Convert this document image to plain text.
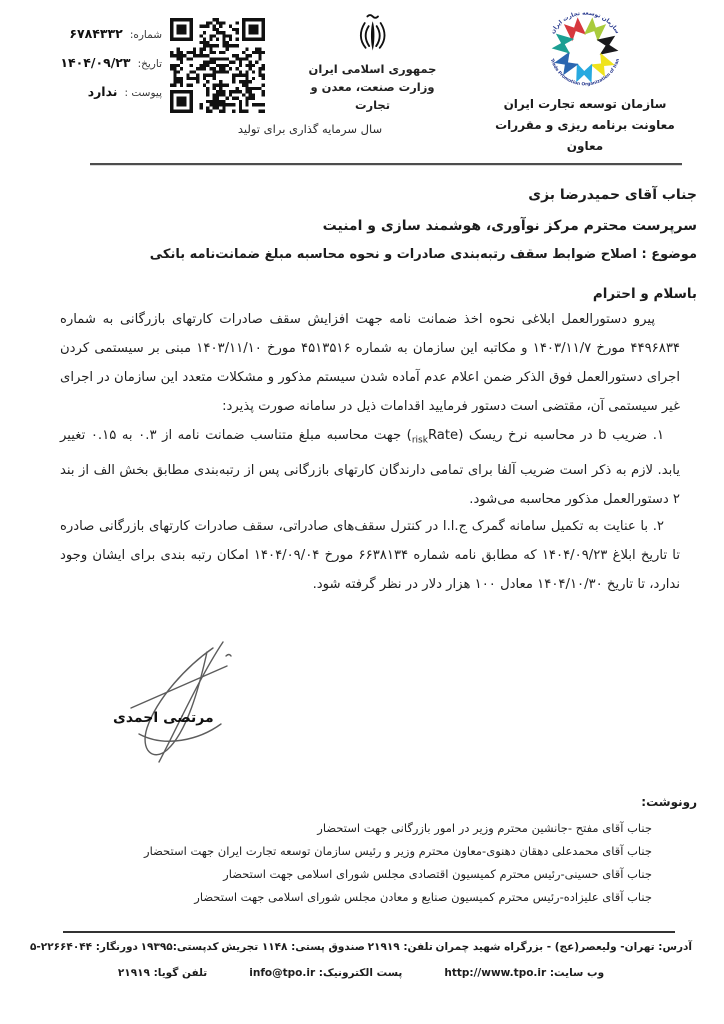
شماره:
۶۷۸۴۳۳۲
تاریخ:
۱۴۰۴/۰۹/۲۳
پیوست :
ندارد
جمهوری اسلامی ایران
وزارت صنعت، معدن و تجارت
سال سرمایه گذاری برای تولید
سازمان توسعه تجارت ایران
Trade Promotion Organization of Iran
سازمان توسعه تجارت ایران
معاونت برنامه ریزی و مقررات
معاون
جناب آقای حمیدرضا بزی
سرپرست محترم مرکز نوآوری، هوشمند سازی و امنیت
موضوع : اصلاح ضوابط سقف رتبه‌بندی صادرات و نحوه محاسبه مبلغ ضمانت‌نامه بانکی
باسلام و احترام

پیرو دستورالعمل ابلاغی نحوه اخذ ضمانت نامه جهت افزایش سقف صادرات کارتهای بازرگانی به شماره ۴۴۹۶۸۳۴ مورخ ۱۴۰۳/۱۱/۷ و مکاتبه این سازمان به شماره ۴۵۱۳۵۱۶ مورخ ۱۴۰۳/۱۱/۱۰ مبنی بر سیستمی کردن اجرای دستورالعمل فوق الذکر ضمن اعلام عدم آماده شدن سیستم مذکور و مشکلات متعدد این سازمان در اجرای غیر سیستمی آن، مقتضی است دستور فرمایید اقدامات ذیل در سامانه صورت پذیرد:

۱. ضریب b در محاسبه نرخ ریسک (Rate$_{risk}$) جهت محاسبه مبلغ متناسب ضمانت نامه از ۰.۳ به ۰.۱۵ تغییر یابد. لازم به ذکر است ضریب آلفا برای تمامی دارندگان کارتهای بازرگانی پس از رتبه‌بندی مطابق بخش الف از بند ۲ دستورالعمل مذکور محاسبه می‌شود.

۲. با عنایت به تکمیل سامانه گمرک ج.ا.ا در کنترل سقف‌های صادراتی، سقف صادرات کارتهای بازرگانی صادره تا تاریخ ابلاغ ۱۴۰۴/۰۹/۲۳ که مطابق نامه شماره ۶۶۳۸۱۳۴ مورخ ۱۴۰۴/۰۹/۰۴ امکان رتبه بندی برای ایشان وجود ندارد، تا تاریخ ۱۴۰۴/۱۰/۳۰ معادل ۱۰۰ هزار دلار در نظر گرفته شود.

مرتضی احمدی
رونوشت:
جناب آقای مفتح -جانشین محترم وزیر در امور بازرگانی جهت استحضار
جناب آقای محمدعلی دهقان دهنوی-معاون محترم وزیر و رئیس سازمان توسعه تجارت ایران جهت استحضار
جناب آقای حسینی-رئیس محترم کمیسیون اقتصادی مجلس شورای اسلامی جهت استحضار
جناب آقای علیزاده-رئیس محترم کمیسیون صنایع و معادن مجلس شورای اسلامی جهت استحضار
آدرس: تهران- ولیعصر(عج) - بزرگراه شهید چمران
تلفن: ۲۱۹۱۹
صندوق پستی: ۱۱۴۸ تجریش
کدپستی:۱۹۳۹۵
دورنگار: ۲۲۶۶۴۰۴۴-۵
وب سایت: http://www.tpo.ir
پست الکترونیک: info@tpo.ir
تلفن گویا: ۲۱۹۱۹
